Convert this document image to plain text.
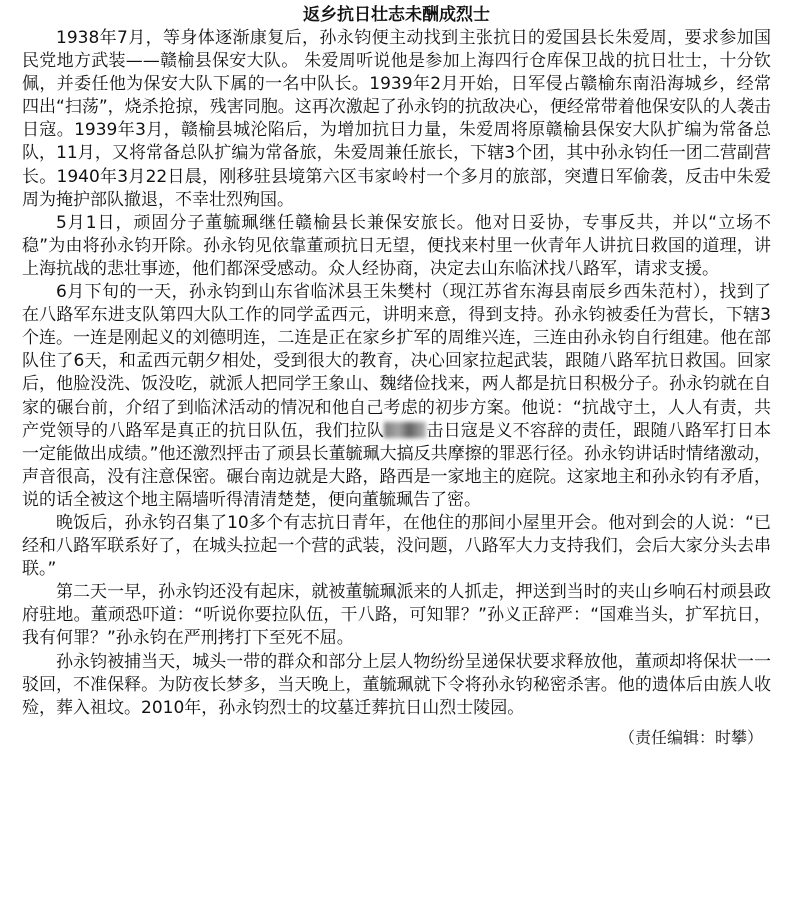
返乡抗日壮志未酬成烈士

1938年7月，等身体逐渐康复后，孙永钧便主动找到主张抗日的爱国县长朱爱周，要求参加国民党地方武装——赣榆县保安大队。 朱爱周听说他是参加上海四行仓库保卫战的抗日壮士，十分钦佩，并委任他为保安大队下属的一名中队长。1939年2月开始，日军侵占赣榆东南沿海城乡，经常四出“扫荡”，烧杀抢掠，残害同胞。这再次激起了孙永钧的抗敌决心，便经常带着他保安队的人袭击日寇。1939年3月，赣榆县城沦陷后，为增加抗日力量，朱爱周将原赣榆县保安大队扩编为常备总队，11月，又将常备总队扩编为常备旅，朱爱周兼任旅长，下辖3个团，其中孙永钧任一团二营副营长。1940年3月22日晨，刚移驻县境第六区韦家岭村一个多月的旅部，突遭日军偷袭，反击中朱爱周为掩护部队撤退，不幸壮烈殉国。

5月1日，顽固分子董毓珮继任赣榆县长兼保安旅长。他对日妥协，专事反共，并以“立场不稳”为由将孙永钧开除。孙永钧见依靠董顽抗日无望，便找来村里一伙青年人讲抗日救国的道理，讲上海抗战的悲壮事迹，他们都深受感动。众人经协商，决定去山东临沭找八路军，请求支援。

6月下旬的一天，孙永钧到山东省临沭县王朱樊村（现江苏省东海县南辰乡西朱范村），找到了在八路军东进支队第四大队工作的同学孟西元，讲明来意，得到支持。孙永钧被委任为营长，下辖3个连。一连是刚起义的刘德明连，二连是正在家乡扩军的周维兴连，三连由孙永钧自行组建。他在部队住了6天，和孟西元朝夕相处，受到很大的教育，决心回家拉起武装，跟随八路军抗日救国。回家后，他脸没洗、饭没吃，就派人把同学王象山、魏绪俭找来，两人都是抗日积极分子。孙永钧就在自家的碾台前，介绍了到临沭活动的情况和他自己考虑的初步方案。他说：“抗战守土，人人有责，共产党领导的八路军是真正的抗日队伍，我们拉队 击日寇是义不容辞的责任，跟随八路军打日本一定能做出成绩。”他还激烈抨击了顽县长董毓珮大搞反共摩擦的罪恶行径。孙永钧讲话时情绪激动，声音很高，没有注意保密。碾台南边就是大路，路西是一家地主的庭院。这家地主和孙永钧有矛盾，说的话全被这个地主隔墙听得清清楚楚，便向董毓珮告了密。

晚饭后，孙永钧召集了10多个有志抗日青年，在他住的那间小屋里开会。他对到会的人说：“已经和八路军联系好了，在城头拉起一个营的武装，没问题，八路军大力支持我们，会后大家分头去串联。”

第二天一早，孙永钧还没有起床，就被董毓珮派来的人抓走，押送到当时的夹山乡响石村顽县政府驻地。董顽恐吓道：“听说你要拉队伍，干八路，可知罪？”孙义正辞严：“国难当头，扩军抗日，我有何罪？”孙永钧在严刑拷打下至死不屈。

孙永钧被捕当天，城头一带的群众和部分上层人物纷纷呈递保状要求释放他，董顽却将保状一一驳回，不准保释。为防夜长梦多，当天晚上，董毓珮就下令将孙永钧秘密杀害。他的遗体后由族人收殓，葬入祖坟。2010年，孙永钧烈士的坟墓迁葬抗日山烈士陵园。

（责任编辑：时攀）
